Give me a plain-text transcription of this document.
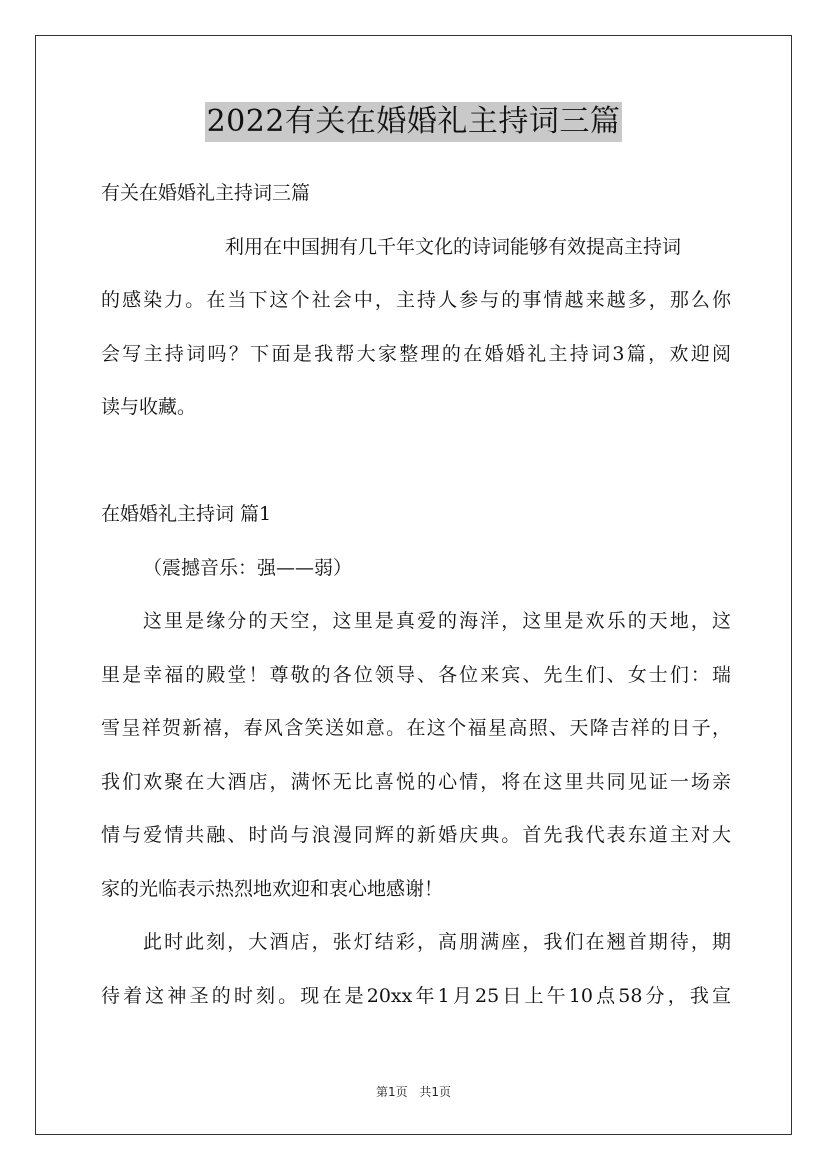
2022有关在婚婚礼主持词三篇
有关在婚婚礼主持词三篇
利用在中国拥有几千年文化的诗词能够有效提高主持词
的感染力。在当下这个社会中，主持人参与的事情越来越多，那么你
会写主持词吗？下面是我帮大家整理的在婚婚礼主持词3篇，欢迎阅
读与收藏。
在婚婚礼主持词 篇1
（震撼音乐：强——弱）
这里是缘分的天空，这里是真爱的海洋，这里是欢乐的天地，这
里是幸福的殿堂！尊敬的各位领导、各位来宾、先生们、女士们：瑞
雪呈祥贺新禧，春风含笑送如意。在这个福星高照、天降吉祥的日子，
我们欢聚在大酒店，满怀无比喜悦的心情，将在这里共同见证一场亲
情与爱情共融、时尚与浪漫同辉的新婚庆典。首先我代表东道主对大
家的光临表示热烈地欢迎和衷心地感谢！
此时此刻，大酒店，张灯结彩，高朋满座，我们在翘首期待，期
待着这神圣的时刻。现在是20xx年1月25日上午10点58分，我宣
第1页 共1页
